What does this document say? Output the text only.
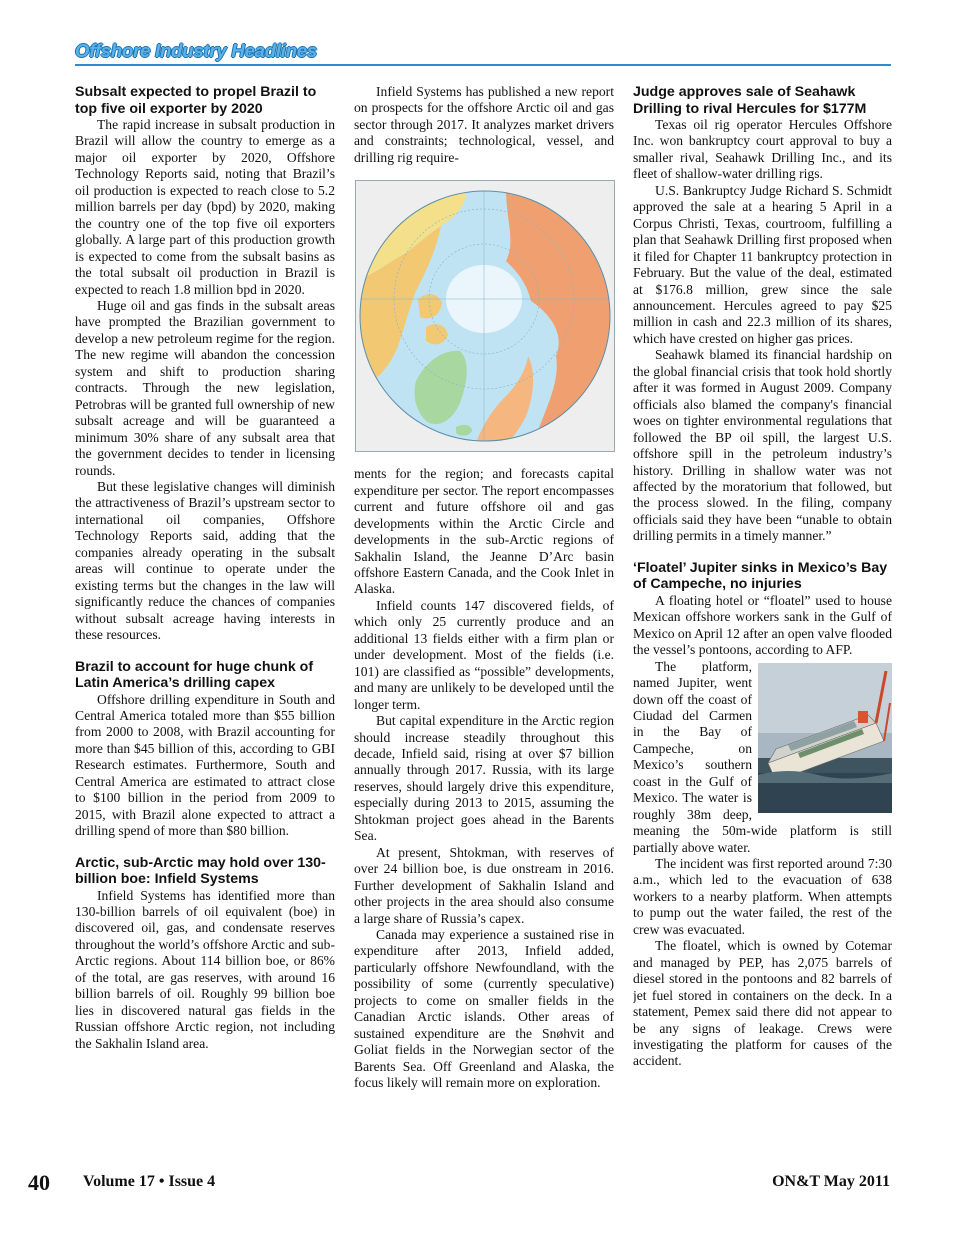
Offshore Industry Headlines
Subsalt expected to propel Brazil to top five oil exporter by 2020

The rapid increase in subsalt production in Brazil will allow the country to emerge as a major oil exporter by 2020, Offshore Technology Reports said, noting that Brazil’s oil production is expected to reach close to 5.2 million barrels per day (bpd) by 2020, making the country one of the top five oil exporters globally. A large part of this production growth is expected to come from the subsalt basins as the total subsalt oil production in Brazil is expected to reach 1.8 million bpd in 2020.

Huge oil and gas finds in the subsalt areas have prompted the Brazilian government to develop a new petroleum regime for the region. The new regime will abandon the concession system and shift to production sharing contracts. Through the new legislation, Petrobras will be granted full ownership of new subsalt acreage and will be guaranteed a minimum 30% share of any subsalt area that the government decides to tender in licensing rounds.

But these legislative changes will diminish the attractiveness of Brazil’s upstream sector to international oil companies, Offshore Technology Reports said, adding that the companies already operating in the subsalt areas will continue to operate under the existing terms but the changes in the law will significantly reduce the chances of companies without subsalt acreage having interests in these resources.

Brazil to account for huge chunk of Latin America’s drilling capex

Offshore drilling expenditure in South and Central America totaled more than $55 billion from 2000 to 2008, with Brazil accounting for more than $45 billion of this, according to GBI Research estimates. Furthermore, South and Central America are estimated to attract close to $100 billion in the period from 2009 to 2015, with Brazil alone expected to attract a drilling spend of more than $80 billion.

Arctic, sub-Arctic may hold over 130-billion boe: Infield Systems

Infield Systems has identified more than 130-billion barrels of oil equivalent (boe) in discovered oil, gas, and condensate reserves throughout the world’s offshore Arctic and sub-Arctic regions. About 114 billion boe, or 86% of the total, are gas reserves, with around 16 billion barrels of oil. Roughly 99 billion boe lies in discovered natural gas fields in the Russian offshore Arctic region, not including the Sakhalin Island area.

Infield Systems has published a new report on prospects for the offshore Arctic oil and gas sector through 2017. It analyzes market drivers and constraints; technological, vessel, and drilling rig require-

ments for the region; and forecasts capital expenditure per sector. The report encompasses current and future offshore oil and gas developments within the Arctic Circle and developments in the sub-Arctic regions of Sakhalin Island, the Jeanne D’Arc basin offshore Eastern Canada, and the Cook Inlet in Alaska.

Infield counts 147 discovered fields, of which only 25 currently produce and an additional 13 fields either with a firm plan or under development. Most of the fields (i.e. 101) are classified as “possible” developments, and many are unlikely to be developed until the longer term.

But capital expenditure in the Arctic region should increase steadily throughout this decade, Infield said, rising at over $7 billion annually through 2017. Russia, with its large reserves, should largely drive this expenditure, especially during 2013 to 2015, assuming the Shtokman project goes ahead in the Barents Sea.

At present, Shtokman, with reserves of over 24 billion boe, is due onstream in 2016. Further development of Sakhalin Island and other projects in the area should also consume a large share of Russia’s capex.

Canada may experience a sustained rise in expenditure after 2013, Infield added, particularly offshore Newfoundland, with the possibility of some (currently speculative) projects to come on smaller fields in the Canadian Arctic islands. Other areas of sustained expenditure are the Snøhvit and Goliat fields in the Norwegian sector of the Barents Sea. Off Greenland and Alaska, the focus likely will remain more on exploration.

Judge approves sale of Seahawk Drilling to rival Hercules for $177M

Texas oil rig operator Hercules Offshore Inc. won bankruptcy court approval to buy a smaller rival, Seahawk Drilling Inc., and its fleet of shallow-water drilling rigs.

U.S. Bankruptcy Judge Richard S. Schmidt approved the sale at a hearing 5 April in a Corpus Christi, Texas, courtroom, fulfilling a plan that Seahawk Drilling first proposed when it filed for Chapter 11 bankruptcy protection in February. But the value of the deal, estimated at $176.8 million, grew since the sale announcement. Hercules agreed to pay $25 million in cash and 22.3 million of its shares, which have crested on higher gas prices.

Seahawk blamed its financial hardship on the global financial crisis that took hold shortly after it was formed in August 2009. Company officials also blamed the company's financial woes on tighter environmental regulations that followed the BP oil spill, the largest U.S. offshore spill in the petroleum industry’s history. Drilling in shallow water was not affected by the moratorium that followed, but the process slowed. In the filing, company officials said they have been “unable to obtain drilling permits in a timely manner.”

‘Floatel’ Jupiter sinks in Mexico’s Bay of Campeche, no injuries

A floating hotel or “floatel” used to house Mexican offshore workers sank in the Gulf of Mexico on April 12 after an open valve flooded the vessel’s pontoons, according to AFP.

The platform, named Jupiter, went down off the coast of Ciudad del Carmen in the Bay of Campeche, on Mexico’s southern coast in the Gulf of Mexico. The water is roughly 38m deep, meaning the 50m-wide platform is still partially above water.

The incident was first reported around 7:30 a.m., which led to the evacuation of 638 workers to a nearby platform. When attempts to pump out the water failed, the rest of the crew was evacuated.

The floatel, which is owned by Cotemar and managed by PEP, has 2,075 barrels of diesel stored in the pontoons and 82 barrels of jet fuel stored in containers on the deck. In a statement, Pemex said there did not appear to be any signs of leakage. Crews were investigating the platform for causes of the accident.

40 Volume 17 • Issue 4	ON&T May 2011
